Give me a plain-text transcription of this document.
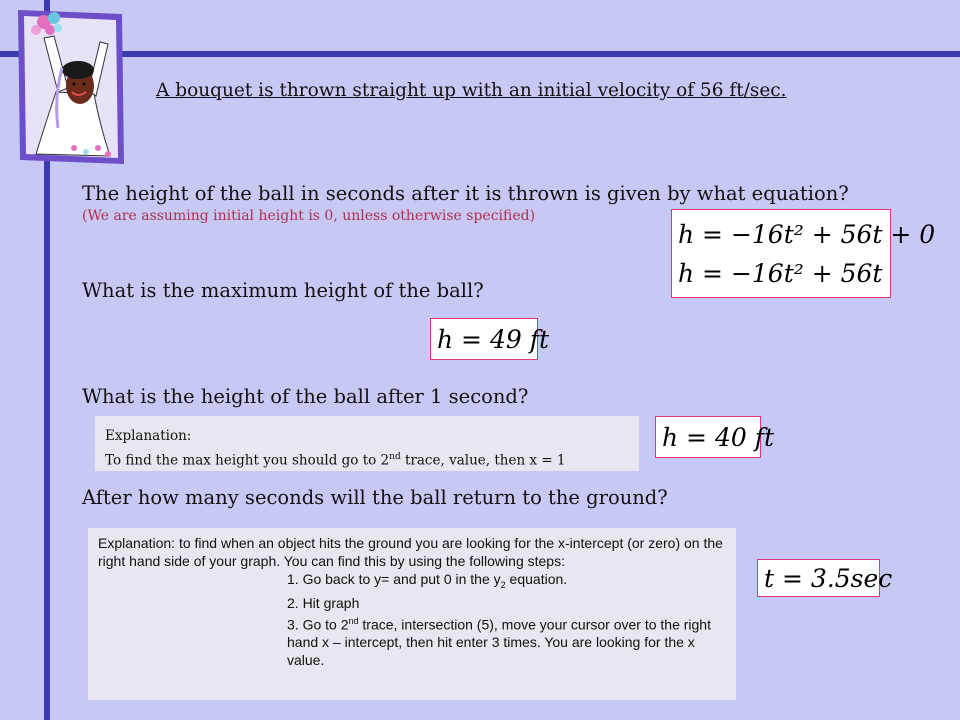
A bouquet is thrown straight up with an initial velocity of 56 ft/sec.
The height of the ball in seconds after it is thrown is given by what equation?
(We are assuming initial height is 0, unless otherwise specified)
h = −16t² + 56t + 0
h = −16t² + 56t
What is the maximum height of the ball?
h = 49 ft
What is the height of the ball after 1 second?
Explanation:
To find the max height you should go to 2nd trace, value, then x = 1
h = 40 ft
After how many seconds will the ball return to the ground?
Explanation: to find when an object hits the ground you are looking for the x-intercept (or zero) on the right hand side of your graph. You can find this by using the following steps:
1. Go back to y= and put 0 in the $y_2$ equation.
2. Hit graph
3. Go to 2nd trace, intersection (5), move your cursor over to the right hand x – intercept, then hit enter 3 times. You are looking for the x value.
t = 3.5sec
